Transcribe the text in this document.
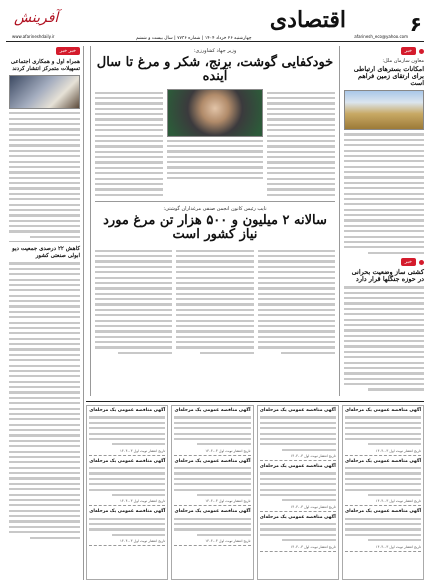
۶
اقتصادی
afarinesh_eco@yahoo.com
چهارشنبه ۲۶ خرداد ۱۴۰۴ | شماره ۷۷۳۶ | سال بیست و ششم
آفرینش
www.afarineshdaily.ir
خبر
معاون سازمان ملل:
امکانات بسترهای ارتباطی برای ارتقای زمین فراهم است
خبر
کشتی ساز وضعیت بحرانی در حوزه جنگلها قرار دارد
وزیر جهاد کشاورزی:
خودکفایی گوشت، برنج، شکر و مرغ تا سال آینده
نایب رئیس کانون انجمن صنفی مرغداران گوشتی:
سالانه ۲ میلیون و ۵۰۰ هزار تن مرغ مورد نیاز کشور است
خبر خبر
همراه اول و همکاری اجتماعی تسهیلات متمرکز انتشار کردند
کاهش ۲۲ درصدی جمعیت دیو ابولی صنعتی کشور
آگهی مناقصه عمومی یک مرحله‌ای
تاریخ انتشار نوبت اول ۰۳-۱۴۰۴
آگهی مناقصه عمومی یک مرحله‌ای
تاریخ انتشار نوبت اول ۰۳-۱۴۰۴
آگهی مناقصه عمومی یک مرحله‌ای
تاریخ انتشار نوبت اول ۰۳-۱۴۰۴
آگهی مناقصه عمومی یک مرحله‌ای
تاریخ انتشار نوبت اول ۰۳-۱۴۰۴
آگهی مناقصه عمومی یک مرحله‌ای
تاریخ انتشار نوبت اول ۰۳-۱۴۰۴
آگهی مناقصه عمومی یک مرحله‌ای
تاریخ انتشار نوبت اول ۰۳-۱۴۰۴
آگهی مناقصه عمومی یک مرحله‌ای
تاریخ انتشار نوبت اول ۰۳-۱۴۰۴
آگهی مناقصه عمومی یک مرحله‌ای
تاریخ انتشار نوبت اول ۰۳-۱۴۰۴
آگهی مناقصه عمومی یک مرحله‌ای
تاریخ انتشار نوبت اول ۰۳-۱۴۰۴
آگهی مناقصه عمومی یک مرحله‌ای
تاریخ انتشار نوبت اول ۰۳-۱۴۰۴
آگهی مناقصه عمومی یک مرحله‌ای
تاریخ انتشار نوبت اول ۰۳-۱۴۰۴
آگهی مناقصه عمومی یک مرحله‌ای
تاریخ انتشار نوبت اول ۰۳-۱۴۰۴
